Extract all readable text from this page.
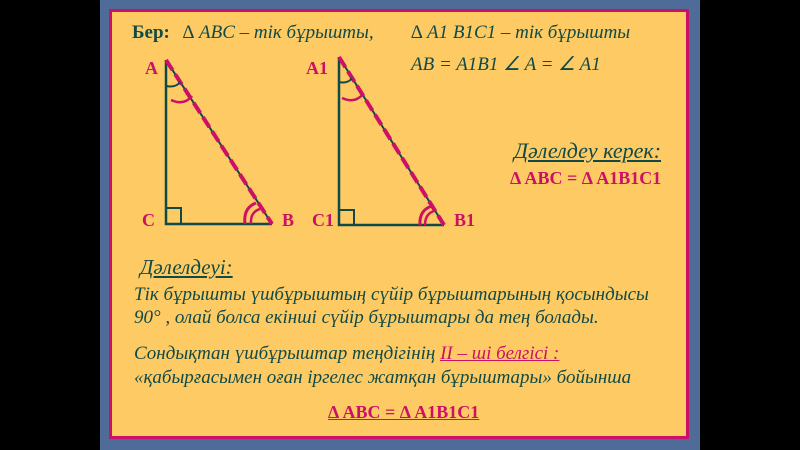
Бер: ∆ ABC – тік бұрышты, ∆ A1 B1C1 – тік бұрышты
AB = A1B1 ∠ A = ∠ A1
A
C	B
A1
C1	B1
Дәлелдеу керек:
∆ ABC = ∆ A1B1C1
Дәлелдеуі:
Тік бұрышты үшбұрыштың сүйір бұрыштарының қосындысы
90° , олай болса екінші сүйір бұрыштары да тең болады.
Сондықтан үшбұрыштар теңдігінің II – ші белгісі :
«қабырғасымен оған іргелес жатқан бұрыштары» бойынша
∆ ABC = ∆ A1B1C1
